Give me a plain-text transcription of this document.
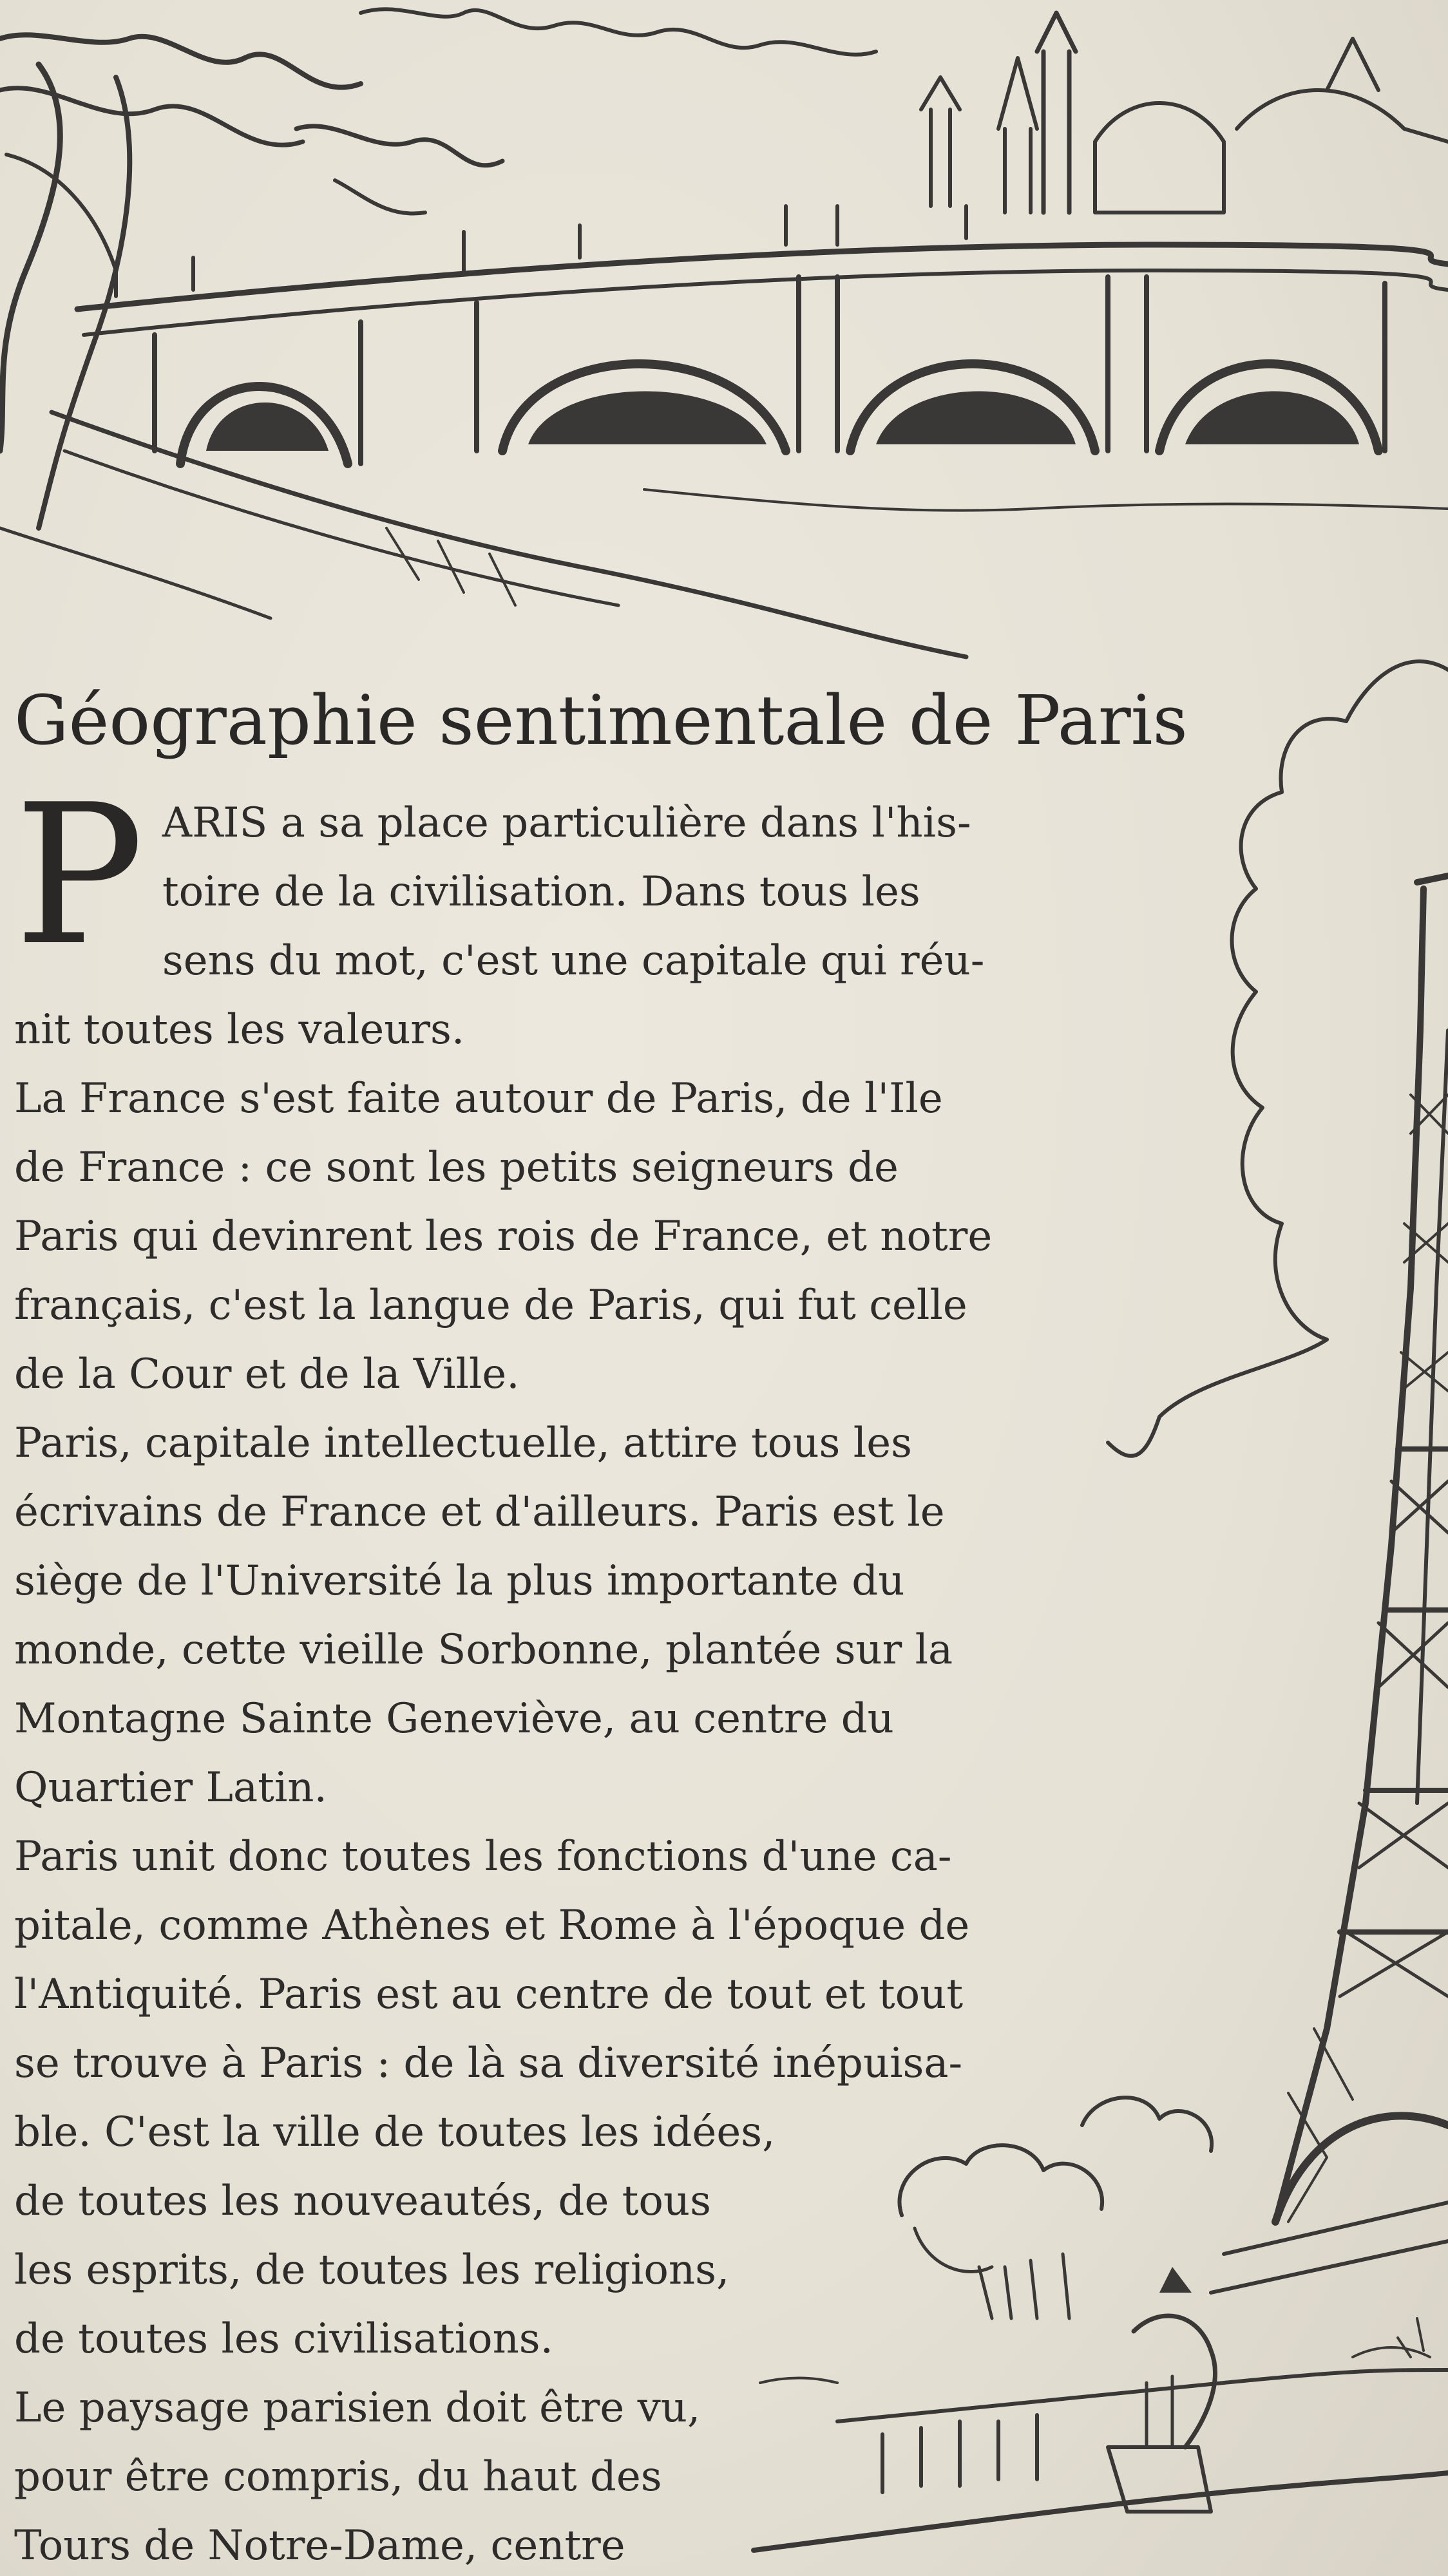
Géographie sentimentale de Paris
P ARIS a sa place particulière dans l'his-
toire de la civilisation. Dans tous les
sens du mot, c'est une capitale qui réu-
nit toutes les valeurs.
La France s'est faite autour de Paris, de l'Ile
de France : ce sont les petits seigneurs de
Paris qui devinrent les rois de France, et notre
français, c'est la langue de Paris, qui fut celle
de la Cour et de la Ville.
Paris, capitale intellectuelle, attire tous les
écrivains de France et d'ailleurs. Paris est le
siège de l'Université la plus importante du
monde, cette vieille Sorbonne, plantée sur la
Montagne Sainte Geneviève, au centre du
Quartier Latin.
Paris unit donc toutes les fonctions d'une ca-
pitale, comme Athènes et Rome à l'époque de
l'Antiquité. Paris est au centre de tout et tout
se trouve à Paris : de là sa diversité inépuisa-
ble. C'est la ville de toutes les idées,
de toutes les nouveautés, de tous
les esprits, de toutes les religions,
de toutes les civilisations.
Le paysage parisien doit être vu,
pour être compris, du haut des
Tours de Notre-Dame, centre
